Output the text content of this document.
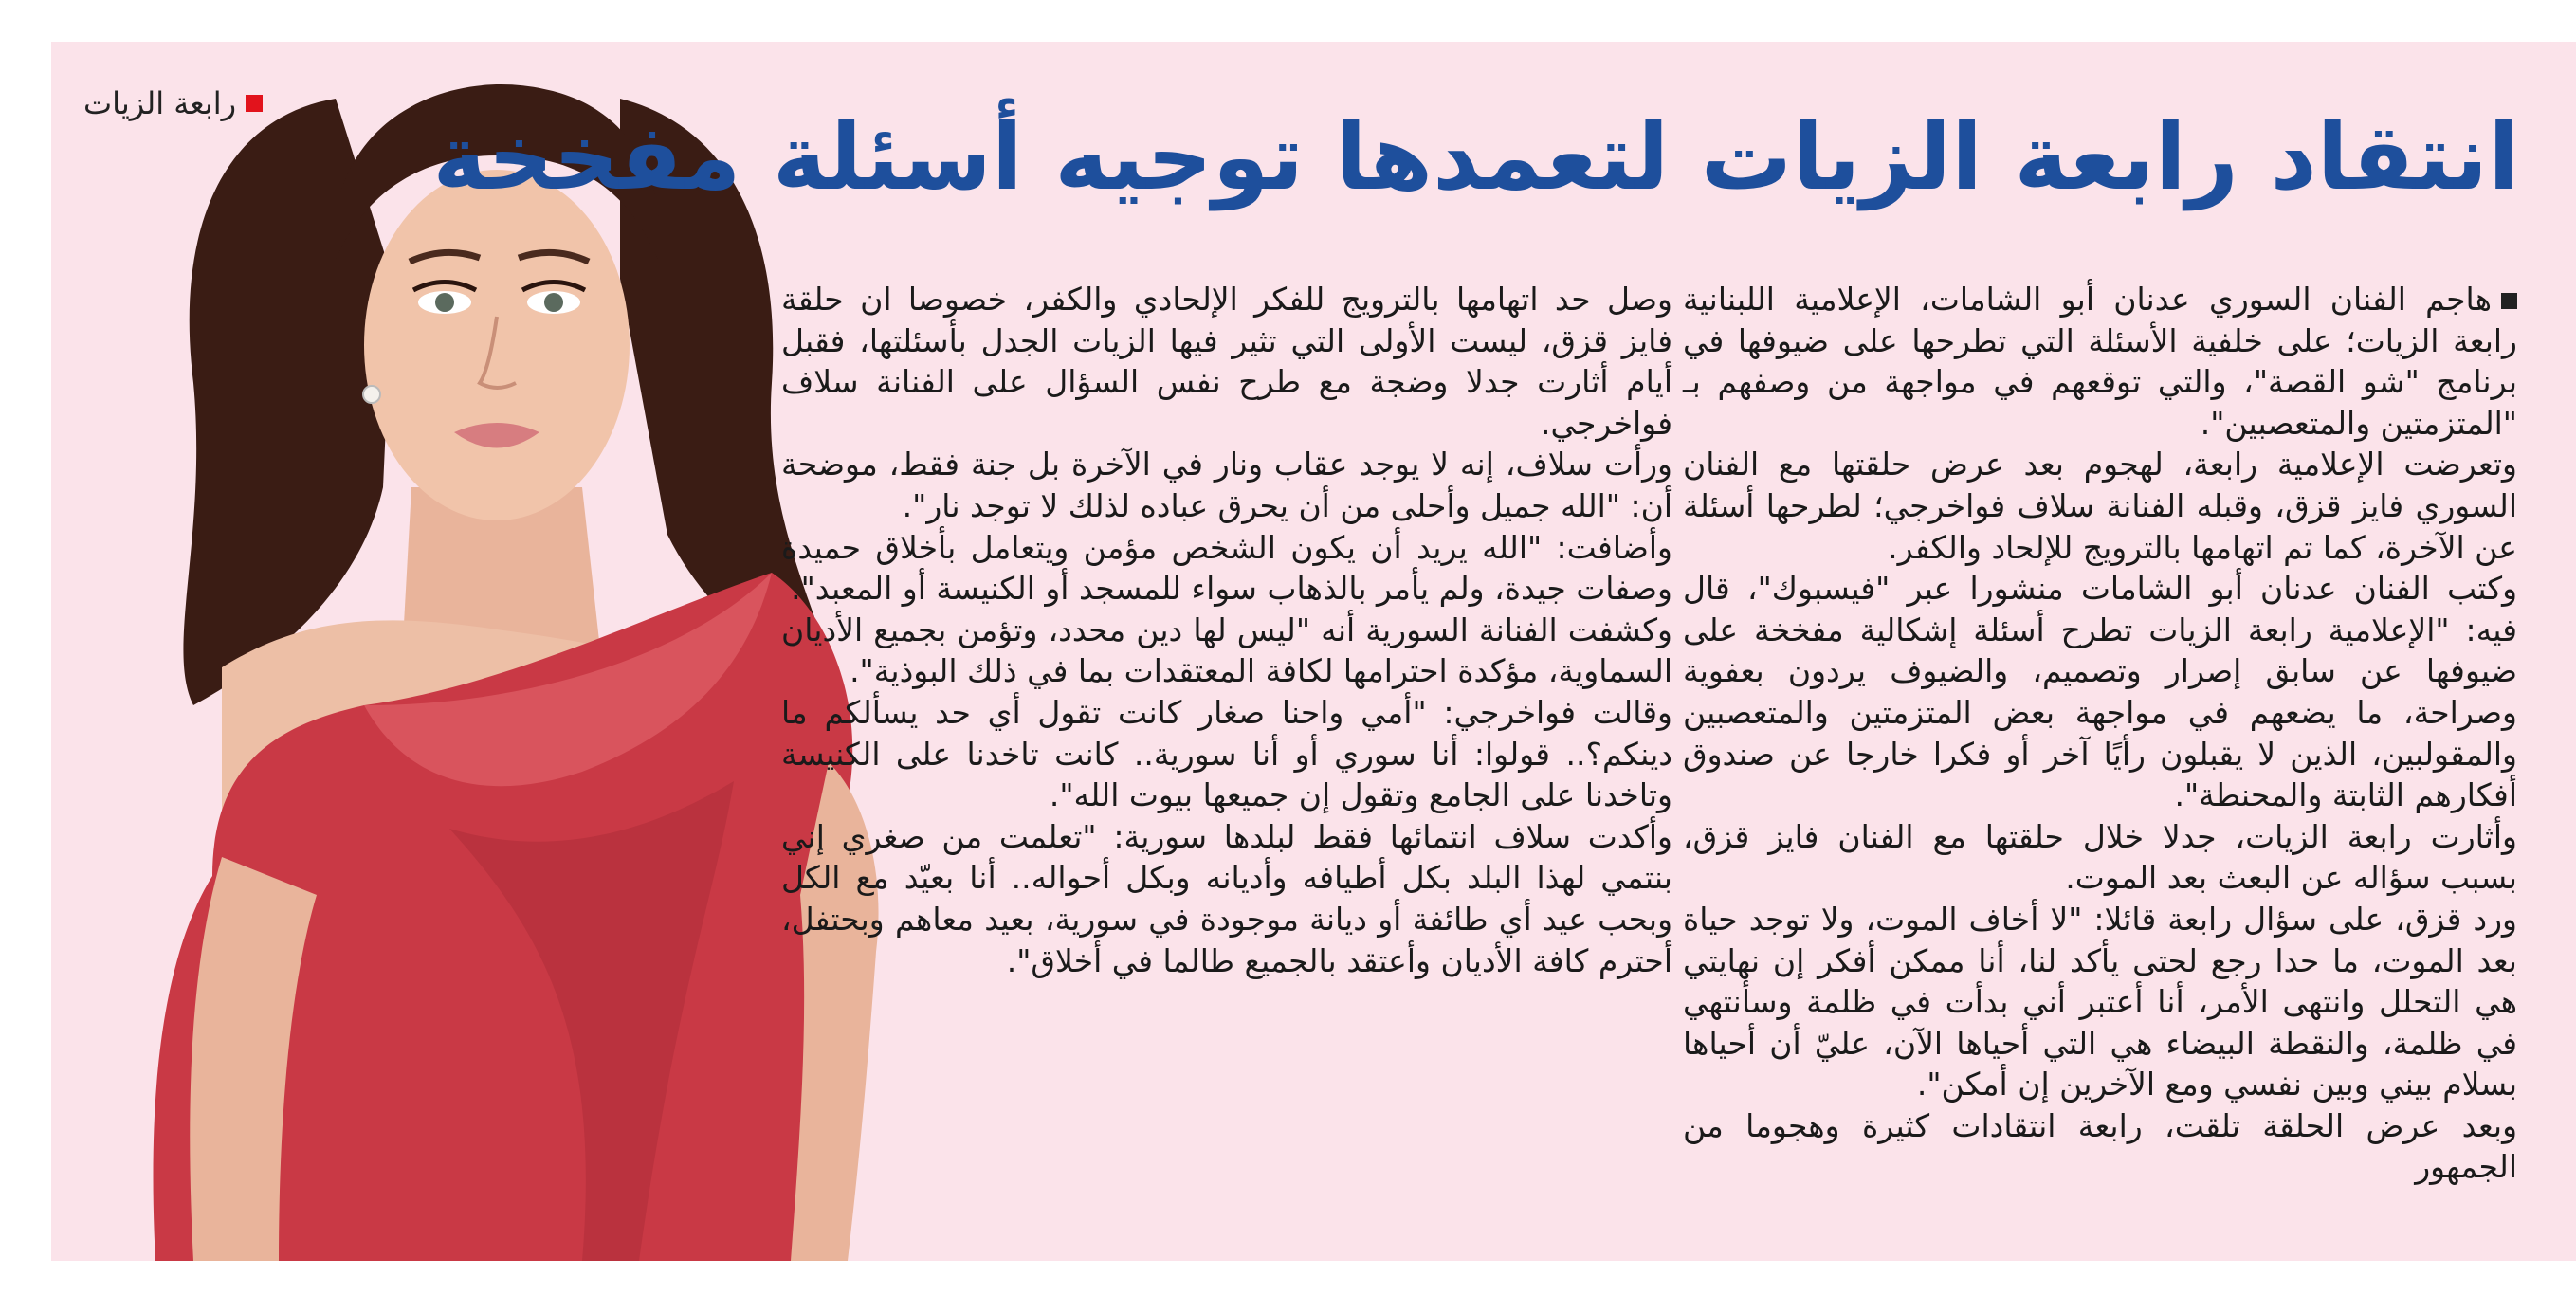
رابعة الزيات
انتقاد رابعة الزيات لتعمدها توجيه أسئلة مفخخة

هاجم الفنان السوري عدنان أبو الشامات، الإعلامية اللبنانية رابعة الزيات؛ على خلفية الأسئلة التي تطرحها على ضيوفها في برنامج "شو القصة"، والتي توقعهم في مواجهة من وصفهم بـ "المتزمتين والمتعصبين".

وتعرضت الإعلامية رابعة، لهجوم بعد عرض حلقتها مع الفنان السوري فايز قزق، وقبله الفنانة سلاف فواخرجي؛ لطرحها أسئلة عن الآخرة، كما تم اتهامها بالترويج للإلحاد والكفر.

وكتب الفنان عدنان أبو الشامات منشورا عبر "فيسبوك"، قال فيه: "الإعلامية رابعة الزيات تطرح أسئلة إشكالية مفخخة على ضيوفها عن سابق إصرار وتصميم، والضيوف يردون بعفوية وصراحة، ما يضعهم في مواجهة بعض المتزمتين والمتعصبين والمقولبين، الذين لا يقبلون رأيًا آخر أو فكرا خارجا عن صندوق أفكارهم الثابتة والمحنطة".

وأثارت رابعة الزيات، جدلا خلال حلقتها مع الفنان فايز قزق، بسبب سؤاله عن البعث بعد الموت.

ورد قزق، على سؤال رابعة قائلا: "لا أخاف الموت، ولا توجد حياة بعد الموت، ما حدا رجع لحتى يأكد لنا، أنا ممكن أفكر إن نهايتي هي التحلل وانتهى الأمر، أنا أعتبر أني بدأت في ظلمة وسأنتهي في ظلمة، والنقطة البيضاء هي التي أحياها الآن، عليّ أن أحياها بسلام بيني وبين نفسي ومع الآخرين إن أمكن".

وبعد عرض الحلقة تلقت، رابعة انتقادات كثيرة وهجوما من الجمهور

وصل حد اتهامها بالترويج للفكر الإلحادي والكفر، خصوصا ان حلقة فايز قزق، ليست الأولى التي تثير فيها الزيات الجدل بأسئلتها، فقبل أيام أثارت جدلا وضجة مع طرح نفس السؤال على الفنانة سلاف فواخرجي.

ورأت سلاف، إنه لا يوجد عقاب ونار في الآخرة بل جنة فقط، موضحة أن: "الله جميل وأحلى من أن يحرق عباده لذلك لا توجد نار".

وأضافت: "الله يريد أن يكون الشخص مؤمن ويتعامل بأخلاق حميدة وصفات جيدة، ولم يأمر بالذهاب سواء للمسجد أو الكنيسة أو المعبد".

وكشفت الفنانة السورية أنه "ليس لها دين محدد، وتؤمن بجميع الأديان السماوية، مؤكدة احترامها لكافة المعتقدات بما في ذلك البوذية".

وقالت فواخرجي: "أمي واحنا صغار كانت تقول أي حد يسألكم ما دينكم؟.. قولوا: أنا سوري أو أنا سورية.. كانت تاخدنا على الكنيسة وتاخدنا على الجامع وتقول إن جميعها بيوت الله".

وأكدت سلاف انتمائها فقط لبلدها سورية: "تعلمت من صغري إني بنتمي لهذا البلد بكل أطيافه وأديانه وبكل أحواله.. أنا بعيّد مع الكل وبحب عيد أي طائفة أو ديانة موجودة في سورية، بعيد معاهم وبحتفل، أحترم كافة الأديان وأعتقد بالجميع طالما في أخلاق".
